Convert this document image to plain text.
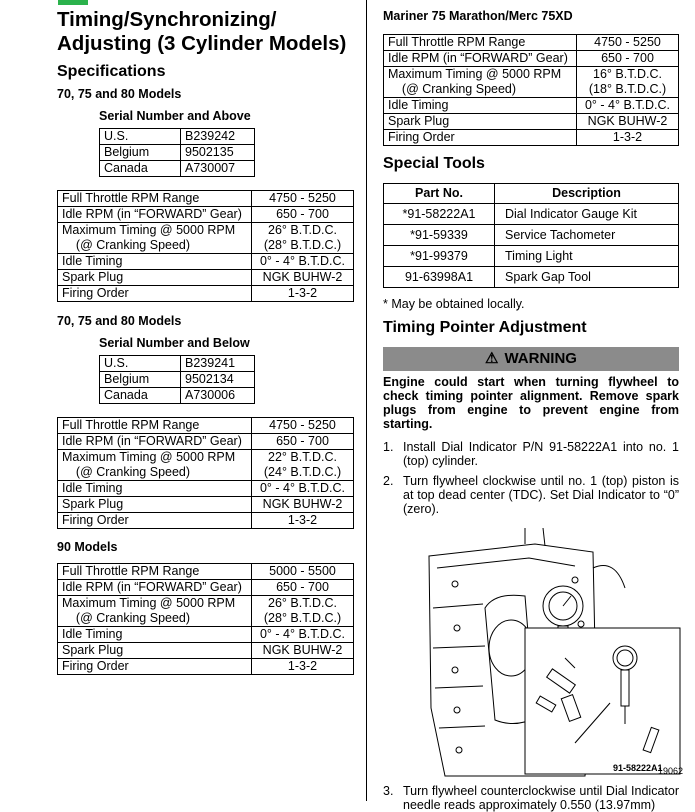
Timing/Synchronizing/
Adjusting (3 Cylinder Models)
Specifications
70, 75 and 80 Models
Serial Number and Above
U.S.	B239242
Belgium	9502135
Canada	A730007
Full Throttle RPM Range	4750 - 5250
Idle RPM (in “FORWARD” Gear)	650 - 700
Maximum Timing @ 5000 RPM
(@ Cranking Speed)	26° B.T.D.C.
(28° B.T.D.C.)
Idle Timing	0° - 4° B.T.D.C.
Spark Plug	NGK BUHW-2
Firing Order	1-3-2
70, 75 and 80 Models
Serial Number and Below
U.S.	B239241
Belgium	9502134
Canada	A730006
Full Throttle RPM Range	4750 - 5250
Idle RPM (in “FORWARD” Gear)	650 - 700
Maximum Timing @ 5000 RPM
(@ Cranking Speed)	22° B.T.D.C.
(24° B.T.D.C.)
Idle Timing	0° - 4° B.T.D.C.
Spark Plug	NGK BUHW-2
Firing Order	1-3-2
90 Models
Full Throttle RPM Range	5000 - 5500
Idle RPM (in “FORWARD” Gear)	650 - 700
Maximum Timing @ 5000 RPM
(@ Cranking Speed)	26° B.T.D.C.
(28° B.T.D.C.)
Idle Timing	0° - 4° B.T.D.C.
Spark Plug	NGK BUHW-2
Firing Order	1-3-2
Mariner 75 Marathon/Merc 75XD
Full Throttle RPM Range	4750 - 5250
Idle RPM (in “FORWARD” Gear)	650 - 700
Maximum Timing @ 5000 RPM
(@ Cranking Speed)	16° B.T.D.C.
(18° B.T.D.C.)
Idle Timing	0° - 4° B.T.D.C.
Spark Plug	NGK BUHW-2
Firing Order	1-3-2
Special Tools
Part No.	Description
*91-58222A1	Dial Indicator Gauge Kit
*91-59339	Service Tachometer
*91-99379	Timing Light
91-63998A1	Spark Gap Tool

* May be obtained locally.

Timing Pointer Adjustment
⚠ WARNING

Engine could start when turning flywheel to check timing pointer alignment. Remove spark plugs from engine to prevent engine from starting.

1. Install Dial Indicator P/N 91-58222A1 into no. 1 (top) cylinder.
2. Turn flywheel clockwise until no. 1 (top) piston is at top dead center (TDC). Set Dial Indicator to “0” (zero).
91-58222A1
19062
3. Turn flywheel counterclockwise until Dial Indicator needle reads approximately 0.550 (13.97mm)
